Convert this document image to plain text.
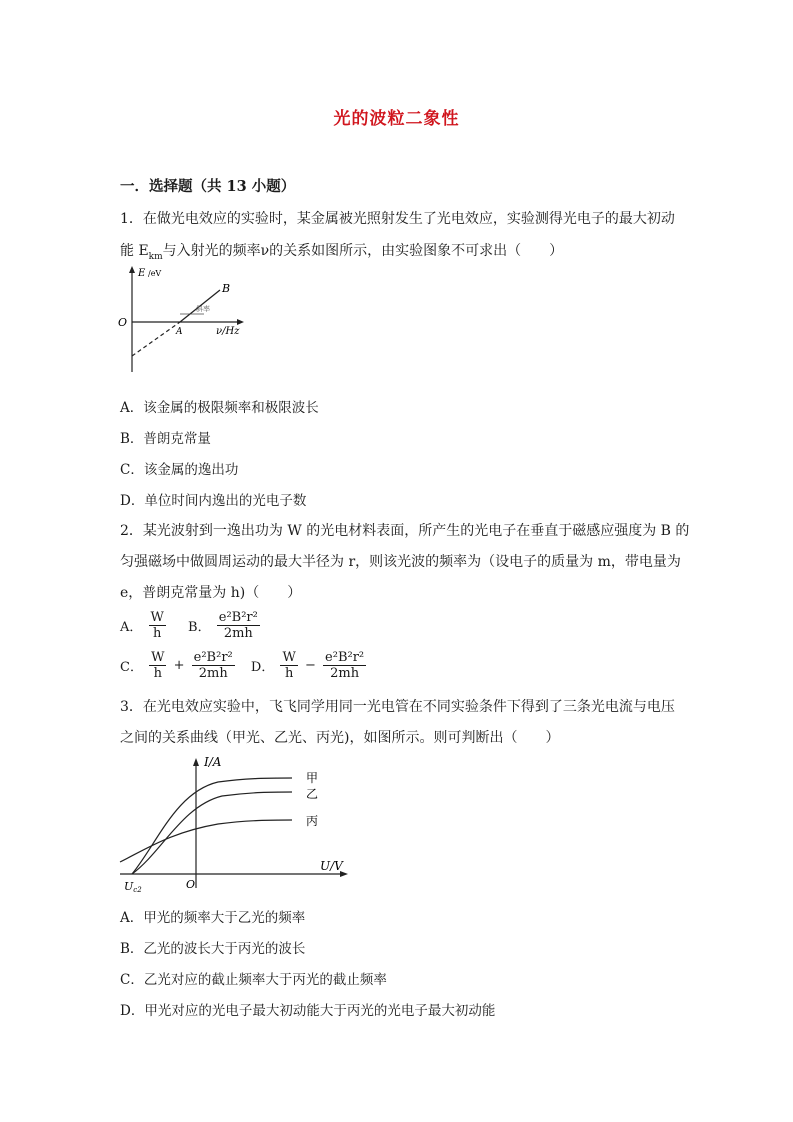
光的波粒二象性
一．选择题（共 13 小题）
1．在做光电效应的实验时，某金属被光照射发生了光电效应，实验测得光电子的最大初动
能 $E_{km}$与入射光的频率ν的关系如图所示，由实验图象不可求出（　　）
E /eV
O
ν/Hz
A
B
斜率
A．该金属的极限频率和极限波长
B．普朗克常量
C．该金属的逸出功
D．单位时间内逸出的光电子数
2．某光波射到一逸出功为 W 的光电材料表面，所产生的光电子在垂直于磁感应强度为 B 的
匀强磁场中做圆周运动的最大半径为 r，则该光波的频率为（设电子的质量为 m，带电量为
e，普朗克常量为 h)（　　）
A． $\frac{W}{h}$ B． $\frac{\text{e²B²r²}}{2mh}$
C． $\frac{W}{h} + \frac{\text{e²B²r²}}{2mh}$ D． $\frac{W}{h} - \frac{\text{e²B²r²}}{2mh}$
3．在光电效应实验中，飞飞同学用同一光电管在不同实验条件下得到了三条光电流与电压
之间的关系曲线（甲光、乙光、丙光)，如图所示。则可判断出（　　）
I/A
U/V
O
Uc2
甲
乙
丙
A．甲光的频率大于乙光的频率
B．乙光的波长大于丙光的波长
C．乙光对应的截止频率大于丙光的截止频率
D．甲光对应的光电子最大初动能大于丙光的光电子最大初动能
